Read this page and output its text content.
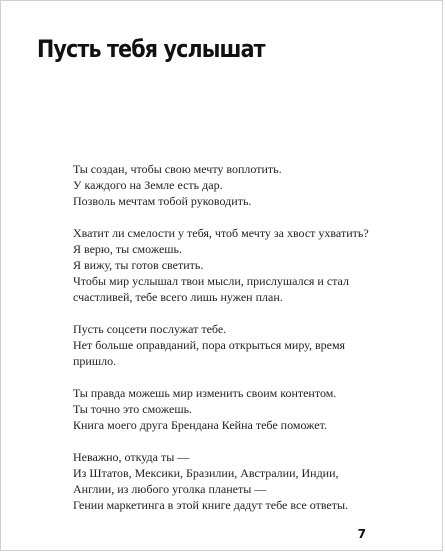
Пусть тебя услышат
Ты создан, чтобы свою мечту воплотить.
У каждого на Земле есть дар.
Позволь мечтам тобой руководить.
Хватит ли смелости у тебя, чтоб мечту за хвост ухватить?
Я верю, ты сможешь.
Я вижу, ты готов светить.
Чтобы мир услышал твои мысли, прислушался и стал
счастливей, тебе всего лишь нужен план.
Пусть соцсети послужат тебе.
Нет больше оправданий, пора открыться миру, время
пришло.
Ты правда можешь мир изменить своим контентом.
Ты точно это сможешь.
Книга моего друга Брендана Кейна тебе поможет.
Неважно, откуда ты —
Из Штатов, Мексики, Бразилии, Австралии, Индии,
Англии, из любого уголка планеты —
Гении маркетинга в этой книге дадут тебе все ответы.
7
